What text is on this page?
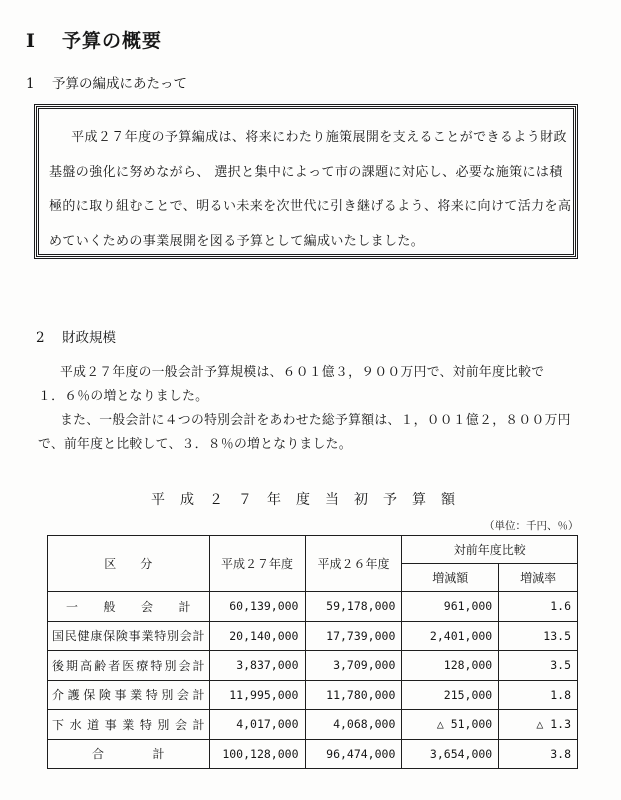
Ⅰ 予算の概要
1 予算の編成にあたって

平成２７年度の予算編成は、将来にわたり施策展開を支えることができるよう財政基盤の強化に努めながら、 選択と集中によって市の課題に対応し、必要な施策には積極的に取り組むことで、明るい未来を次世代に引き継げるよう、将来に向けて活力を高めていくための事業展開を図る予算として編成いたしました。

2 財政規模

平成２７年度の一般会計予算規模は、６０１億３，９００万円で、対前年度比較で

１．６％の増となりました。

また、一般会計に４つの特別会計をあわせた総予算額は、１，００１億２，８００万円

で、前年度と比較して、３．８％の増となりました。

平成２７年度当初予算額
（単位：千円、％）
区　　分	平成２７年度	平成２６年度	対前年度比較	
			増減額	増減率
一般会計	60,139,000	59,178,000	961,000	1.6
国民健康保険事業特別会計	20,140,000	17,739,000	2,401,000	13.5
後期高齢者医療特別会計	3,837,000	3,709,000	128,000	3.5
介護保険事業特別会計	11,995,000	11,780,000	215,000	1.8
下水道事業特別会計	4,017,000	4,068,000	△ 51,000	△ 1.3
合計	100,128,000	96,474,000	3,654,000	3.8
